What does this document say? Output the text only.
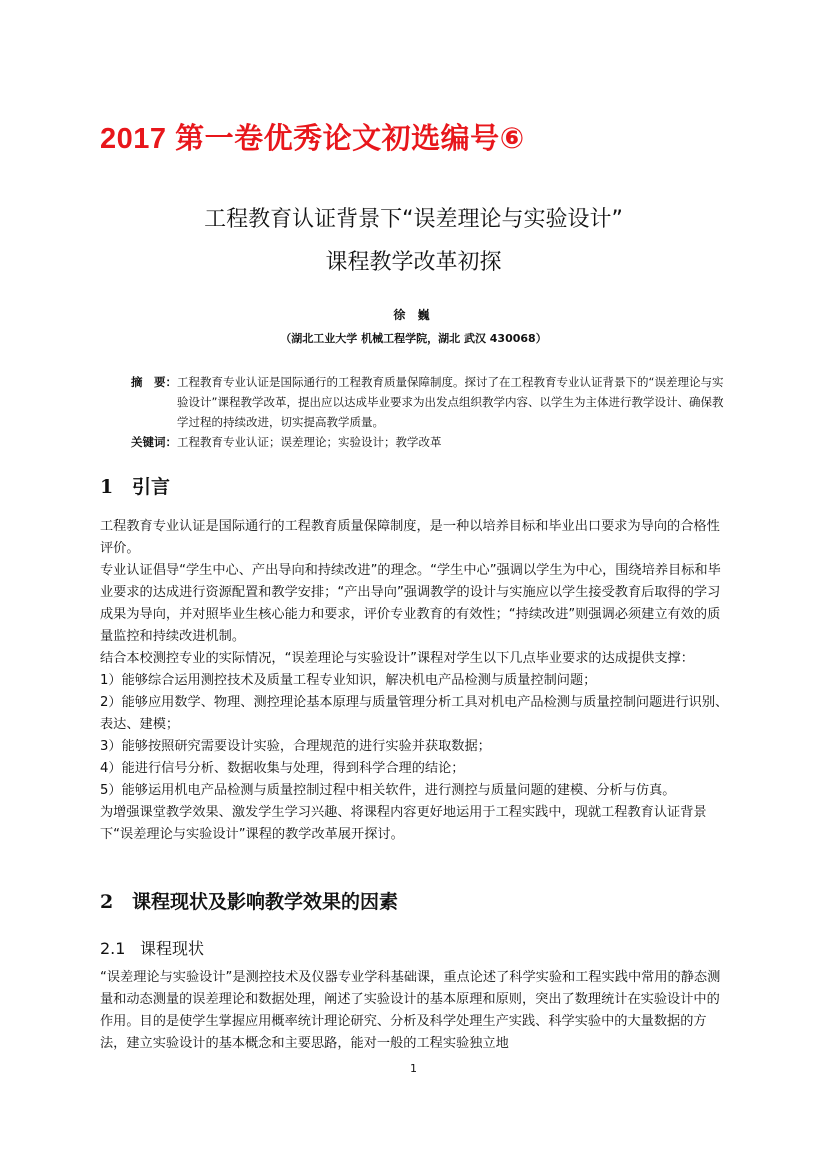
2017 第一卷优秀论文初选编号⑥
工程教育认证背景下“误差理论与实验设计”
课程教学改革初探
徐 巍
（湖北工业大学 机械工程学院，湖北 武汉 430068）
摘　要： 工程教育专业认证是国际通行的工程教育质量保障制度。探讨了在工程教育专业认证背景下的“误差理论与实验设计”课程教学改革，提出应以达成毕业要求为出发点组织教学内容、以学生为主体进行教学设计、确保教学过程的持续改进，切实提高教学质量。
关键词： 工程教育专业认证；误差理论；实验设计；教学改革
1 引言

工程教育专业认证是国际通行的工程教育质量保障制度，是一种以培养目标和毕业出口要求为导向的合格性评价。

专业认证倡导“学生中心、产出导向和持续改进”的理念。“学生中心”强调以学生为中心，围绕培养目标和毕业要求的达成进行资源配置和教学安排；“产出导向”强调教学的设计与实施应以学生接受教育后取得的学习成果为导向，并对照毕业生核心能力和要求，评价专业教育的有效性；“持续改进”则强调必须建立有效的质量监控和持续改进机制。

结合本校测控专业的实际情况，“误差理论与实验设计”课程对学生以下几点毕业要求的达成提供支撑：

1）能够综合运用测控技术及质量工程专业知识，解决机电产品检测与质量控制问题；

2）能够应用数学、物理、测控理论基本原理与质量管理分析工具对机电产品检测与质量控制问题进行识别、表达、建模；

3）能够按照研究需要设计实验，合理规范的进行实验并获取数据；

4）能进行信号分析、数据收集与处理，得到科学合理的结论；

5）能够运用机电产品检测与质量控制过程中相关软件，进行测控与质量问题的建模、分析与仿真。

为增强课堂教学效果、激发学生学习兴趣、将课程内容更好地运用于工程实践中，现就工程教育认证背景下“误差理论与实验设计”课程的教学改革展开探讨。

2 课程现状及影响教学效果的因素
2.1 课程现状

“误差理论与实验设计”是测控技术及仪器专业学科基础课，重点论述了科学实验和工程实践中常用的静态测量和动态测量的误差理论和数据处理，阐述了实验设计的基本原理和原则，突出了数理统计在实验设计中的作用。目的是使学生掌握应用概率统计理论研究、分析及科学处理生产实践、科学实验中的大量数据的方法，建立实验设计的基本概念和主要思路，能对一般的工程实验独立地

1
